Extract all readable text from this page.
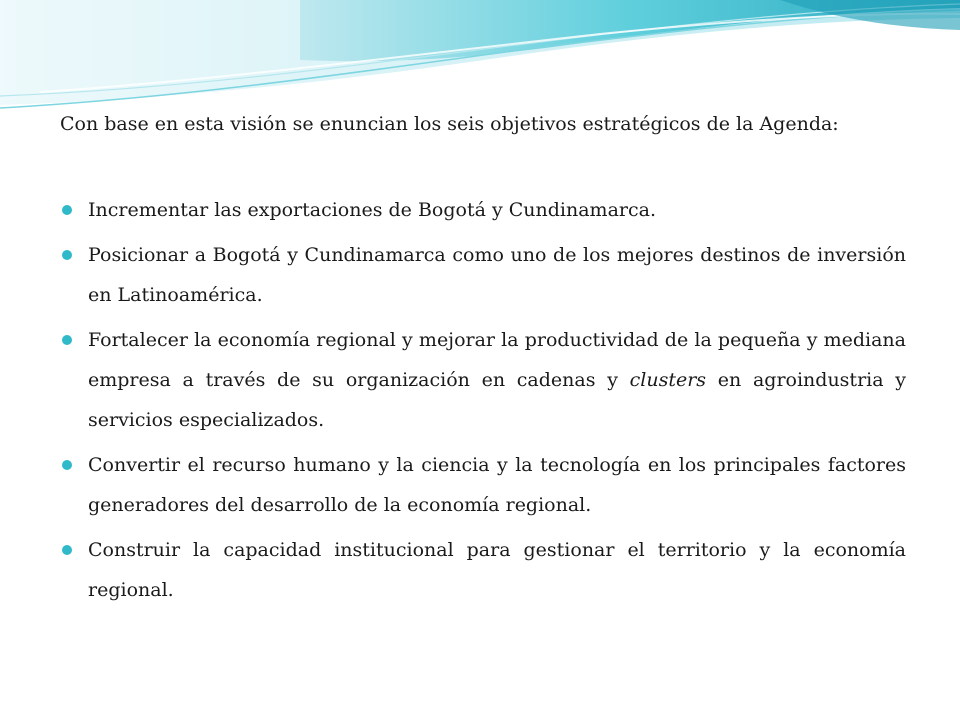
Con base en esta visión se enuncian los seis objetivos estratégicos de la Agenda:

Incrementar las exportaciones de Bogotá y Cundinamarca.
Posicionar a Bogotá y Cundinamarca como uno de los mejores destinos de inversión en Latinoamérica.
Fortalecer la economía regional y mejorar la productividad de la pequeña y mediana empresa a través de su organización en cadenas y clusters en agroindustria y servicios especializados.
Convertir el recurso humano y la ciencia y la tecnología en los principales factores generadores del desarrollo de la economía regional.
Construir la capacidad institucional para gestionar el territorio y la economía regional.
